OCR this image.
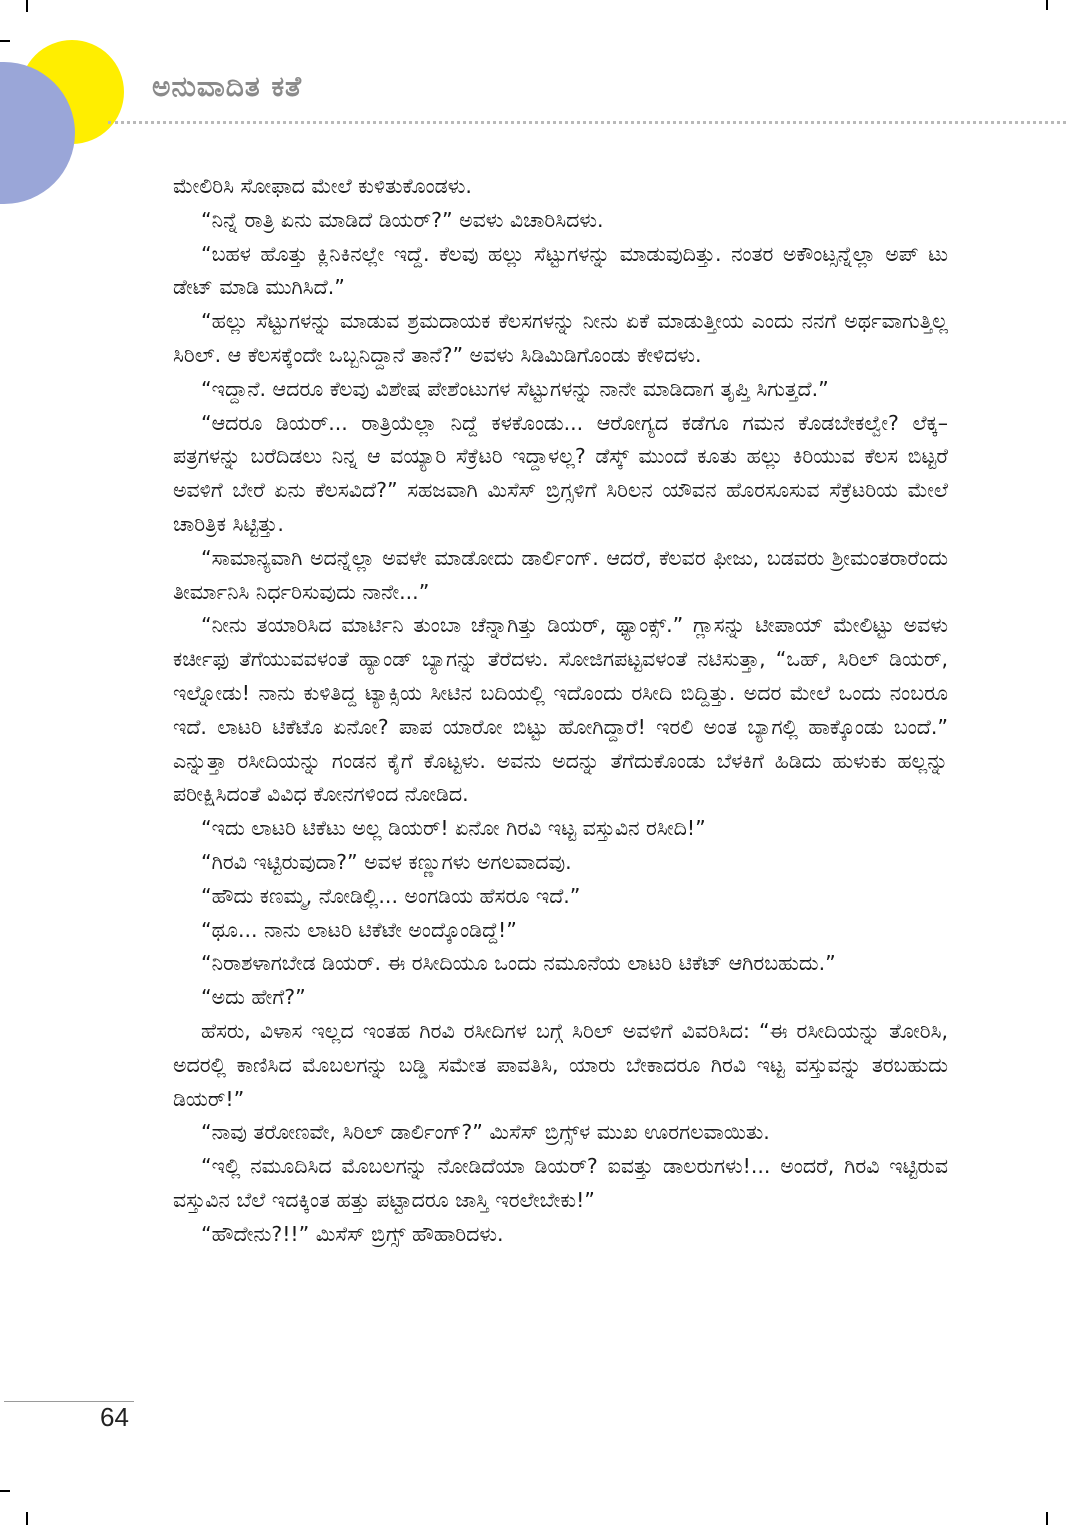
ಅನುವಾದಿತ ಕತೆ

ಮೇಲಿರಿಸಿ ಸೋಫಾದ ಮೇಲೆ ಕುಳಿತುಕೊಂಡಳು.

“ನಿನ್ನೆ ರಾತ್ರಿ ಏನು ಮಾಡಿದೆ ಡಿಯರ್?” ಅವಳು ವಿಚಾರಿಸಿದಳು.

“ಬಹಳ ಹೊತ್ತು ಕ್ಲಿನಿಕಿನಲ್ಲೇ ಇದ್ದೆ. ಕೆಲವು ಹಲ್ಲು ಸೆಟ್ಟುಗಳನ್ನು ಮಾಡುವುದಿತ್ತು. ನಂತರ ಅಕೌಂಟ್ಸನ್ನೆಲ್ಲಾ ಅಪ್ ಟು ಡೇಟ್ ಮಾಡಿ ಮುಗಿಸಿದೆ.”

“ಹಲ್ಲು ಸೆಟ್ಟುಗಳನ್ನು ಮಾಡುವ ಶ್ರಮದಾಯಕ ಕೆಲಸಗಳನ್ನು ನೀನು ಏಕೆ ಮಾಡುತ್ತೀಯ ಎಂದು ನನಗೆ ಅರ್ಥವಾಗುತ್ತಿಲ್ಲ ಸಿರಿಲ್. ಆ ಕೆಲಸಕ್ಕೆಂದೇ ಒಬ್ಬನಿದ್ದಾನೆ ತಾನೆ?” ಅವಳು ಸಿಡಿಮಿಡಿಗೊಂಡು ಕೇಳಿದಳು.

“ಇದ್ದಾನೆ. ಆದರೂ ಕೆಲವು ವಿಶೇಷ ಪೇಶೆಂಟುಗಳ ಸೆಟ್ಟುಗಳನ್ನು ನಾನೇ ಮಾಡಿದಾಗ ತೃಪ್ತಿ ಸಿಗುತ್ತದೆ.”

“ಆದರೂ ಡಿಯರ್... ರಾತ್ರಿಯೆಲ್ಲಾ ನಿದ್ದೆ ಕಳಕೊಂಡು... ಆರೋಗ್ಯದ ಕಡೆಗೂ ಗಮನ ಕೊಡಬೇಕಲ್ವೇ? ಲೆಕ್ಕ–ಪತ್ರಗಳನ್ನು ಬರೆದಿಡಲು ನಿನ್ನ ಆ ವಯ್ಯಾರಿ ಸೆಕ್ರೆಟರಿ ಇದ್ದಾಳಲ್ಲ? ಡೆಸ್ಕ್ ಮುಂದೆ ಕೂತು ಹಲ್ಲು ಕಿರಿಯುವ ಕೆಲಸ ಬಿಟ್ಟರೆ ಅವಳಿಗೆ ಬೇರೆ ಏನು ಕೆಲಸವಿದೆ?” ಸಹಜವಾಗಿ ಮಿಸೆಸ್ ಬ್ರಿಗ್ಸಳಿಗೆ ಸಿರಿಲನ ಯೌವನ ಹೊರಸೂಸುವ ಸೆಕ್ರೆಟರಿಯ ಮೇಲೆ ಚಾರಿತ್ರಿಕ ಸಿಟ್ಟಿತ್ತು.

“ಸಾಮಾನ್ಯವಾಗಿ ಅದನ್ನೆಲ್ಲಾ ಅವಳೇ ಮಾಡೋದು ಡಾರ್ಲಿಂಗ್. ಆದರೆ, ಕೆಲವರ ಫೀಜು, ಬಡವರು ಶ್ರೀಮಂತರಾರೆಂದು ತೀರ್ಮಾನಿಸಿ ನಿರ್ಧರಿಸುವುದು ನಾನೇ...”

“ನೀನು ತಯಾರಿಸಿದ ಮಾರ್ಟಿನಿ ತುಂಬಾ ಚೆನ್ನಾಗಿತ್ತು ಡಿಯರ್, ಥ್ಯಾಂಕ್ಸ್.” ಗ್ಲಾಸನ್ನು ಟೀಪಾಯ್ ಮೇಲಿಟ್ಟು ಅವಳು ಕರ್ಚೀಫು ತೆಗೆಯುವವಳಂತೆ ಹ್ಯಾಂಡ್ ಬ್ಯಾಗನ್ನು ತೆರೆದಳು. ಸೋಜಿಗಪಟ್ಟವಳಂತೆ ನಟಿಸುತ್ತಾ, “ಒಹ್, ಸಿರಿಲ್ ಡಿಯರ್, ಇಲ್ನೋಡು! ನಾನು ಕುಳಿತಿದ್ದ ಟ್ಯಾಕ್ಸಿಯ ಸೀಟಿನ ಬದಿಯಲ್ಲಿ ಇದೊಂದು ರಸೀದಿ ಬಿದ್ದಿತ್ತು. ಅದರ ಮೇಲೆ ಒಂದು ನಂಬರೂ ಇದೆ. ಲಾಟರಿ ಟಿಕೆಟೊ ಏನೋ? ಪಾಪ ಯಾರೋ ಬಿಟ್ಟು ಹೋಗಿದ್ದಾರೆ! ಇರಲಿ ಅಂತ ಬ್ಯಾಗಲ್ಲಿ ಹಾಕ್ಕೊಂಡು ಬಂದೆ.” ಎನ್ನುತ್ತಾ ರಸೀದಿಯನ್ನು ಗಂಡನ ಕೈಗೆ ಕೊಟ್ಟಳು. ಅವನು ಅದನ್ನು ತೆಗೆದುಕೊಂಡು ಬೆಳಕಿಗೆ ಹಿಡಿದು ಹುಳುಕು ಹಲ್ಲನ್ನು ಪರೀಕ್ಷಿಸಿದಂತೆ ವಿವಿಧ ಕೋನಗಳಿಂದ ನೋಡಿದ.

“ಇದು ಲಾಟರಿ ಟಿಕೆಟು ಅಲ್ಲ ಡಿಯರ್! ಏನೋ ಗಿರವಿ ಇಟ್ಟ ವಸ್ತುವಿನ ರಸೀದಿ!”

“ಗಿರವಿ ಇಟ್ಟಿರುವುದಾ?” ಅವಳ ಕಣ್ಣುಗಳು ಅಗಲವಾದವು.

“ಹೌದು ಕಣಮ್ಮ, ನೋಡಿಲ್ಲಿ... ಅಂಗಡಿಯ ಹೆಸರೂ ಇದೆ.”

“ಥೂ... ನಾನು ಲಾಟರಿ ಟಿಕೆಟೇ ಅಂದ್ಕೊಂಡಿದ್ದೆ!”

“ನಿರಾಶಳಾಗಬೇಡ ಡಿಯರ್. ಈ ರಸೀದಿಯೂ ಒಂದು ನಮೂನೆಯ ಲಾಟರಿ ಟಿಕೆಟ್ ಆಗಿರಬಹುದು.”

“ಅದು ಹೇಗೆ?”

ಹೆಸರು, ವಿಳಾಸ ಇಲ್ಲದ ಇಂತಹ ಗಿರವಿ ರಸೀದಿಗಳ ಬಗ್ಗೆ ಸಿರಿಲ್ ಅವಳಿಗೆ ವಿವರಿಸಿದ: “ಈ ರಸೀದಿಯನ್ನು ತೋರಿಸಿ, ಅದರಲ್ಲಿ ಕಾಣಿಸಿದ ಮೊಬಲಗನ್ನು ಬಡ್ಡಿ ಸಮೇತ ಪಾವತಿಸಿ, ಯಾರು ಬೇಕಾದರೂ ಗಿರವಿ ಇಟ್ಟ ವಸ್ತುವನ್ನು ತರಬಹುದು ಡಿಯರ್!”

“ನಾವು ತರೋಣವೇ, ಸಿರಿಲ್ ಡಾರ್ಲಿಂಗ್?” ಮಿಸೆಸ್ ಬ್ರಿಗ್ಸ್‌ಳ ಮುಖ ಊರಗಲವಾಯಿತು.

“ಇಲ್ಲಿ ನಮೂದಿಸಿದ ಮೊಬಲಗನ್ನು ನೋಡಿದೆಯಾ ಡಿಯರ್? ಐವತ್ತು ಡಾಲರುಗಳು!... ಅಂದರೆ, ಗಿರವಿ ಇಟ್ಟಿರುವ ವಸ್ತುವಿನ ಬೆಲೆ ಇದಕ್ಕಿಂತ ಹತ್ತು ಪಟ್ಟಾದರೂ ಜಾಸ್ತಿ ಇರಲೇಬೇಕು!”

“ಹೌದೇನು?!!” ಮಿಸೆಸ್ ಬ್ರಿಗ್ಸ್ ಹೌಹಾರಿದಳು.

64
